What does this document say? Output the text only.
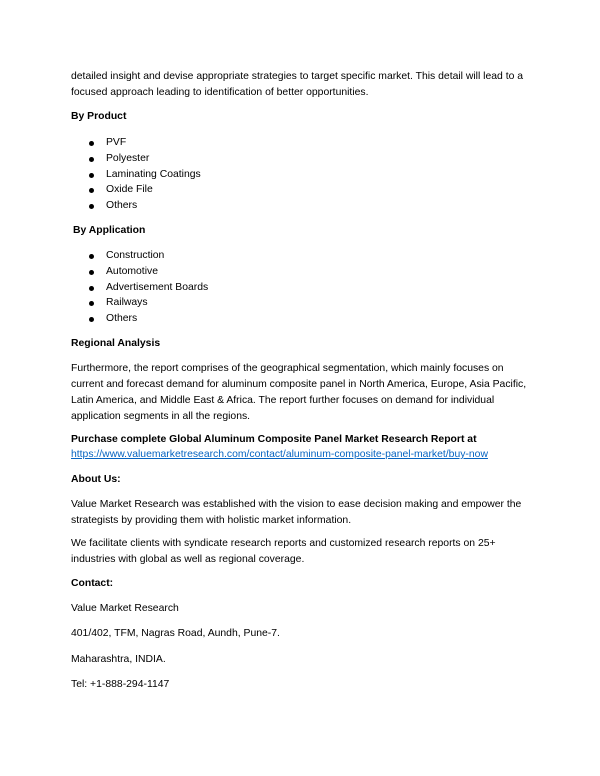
detailed insight and devise appropriate strategies to target specific market. This detail will lead to a focused approach leading to identification of better opportunities.

By Product
PVF
Polyester
Laminating Coatings
Oxide File
Others
By Application
Construction
Automotive
Advertisement Boards
Railways
Others
Regional Analysis

Furthermore, the report comprises of the geographical segmentation, which mainly focuses on current and forecast demand for aluminum composite panel in North America, Europe, Asia Pacific, Latin America, and Middle East & Africa. The report further focuses on demand for individual application segments in all the regions.

Purchase complete Global Aluminum Composite Panel Market Research Report at
https://www.valuemarketresearch.com/contact/aluminum-composite-panel-market/buy-now
About Us:

Value Market Research was established with the vision to ease decision making and empower the strategists by providing them with holistic market information.

We facilitate clients with syndicate research reports and customized research reports on 25+ industries with global as well as regional coverage.

Contact:
Value Market Research
401/402, TFM, Nagras Road, Aundh, Pune-7.
Maharashtra, INDIA.
Tel: +1-888-294-1147
